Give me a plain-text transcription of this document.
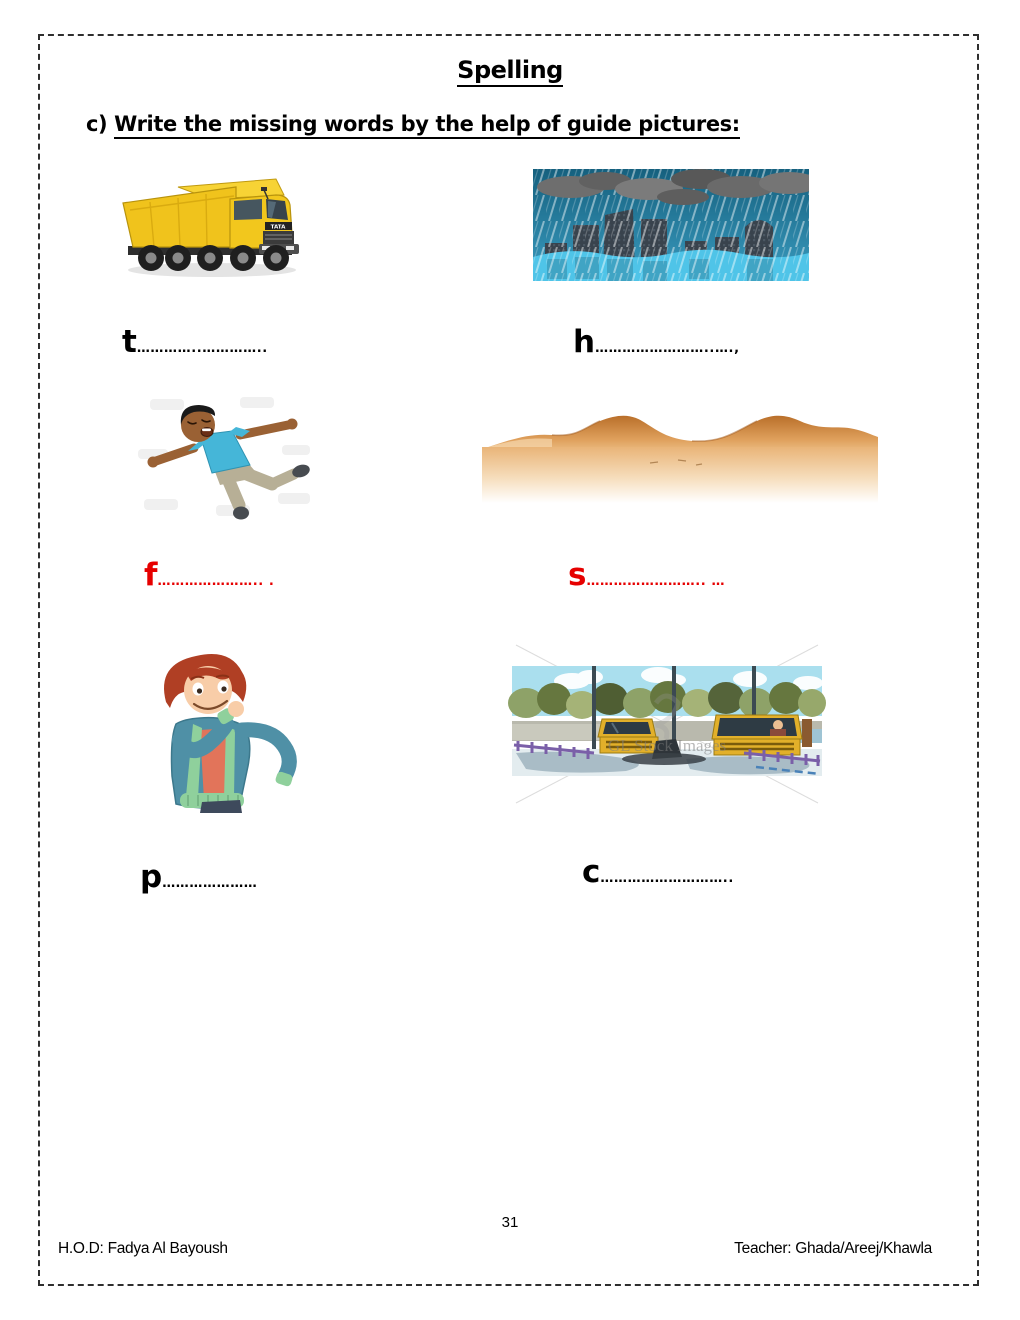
Spelling
c) Write the missing words by the help of guide pictures:
TATA
t …………..…………..	h ……………………..….,
f ………………….. .	s …………………….. …
GL Stock Images
p …………………	c ………………………..
31
H.O.D: Fadya Al Bayoush	Teacher: Ghada/Areej/Khawla
